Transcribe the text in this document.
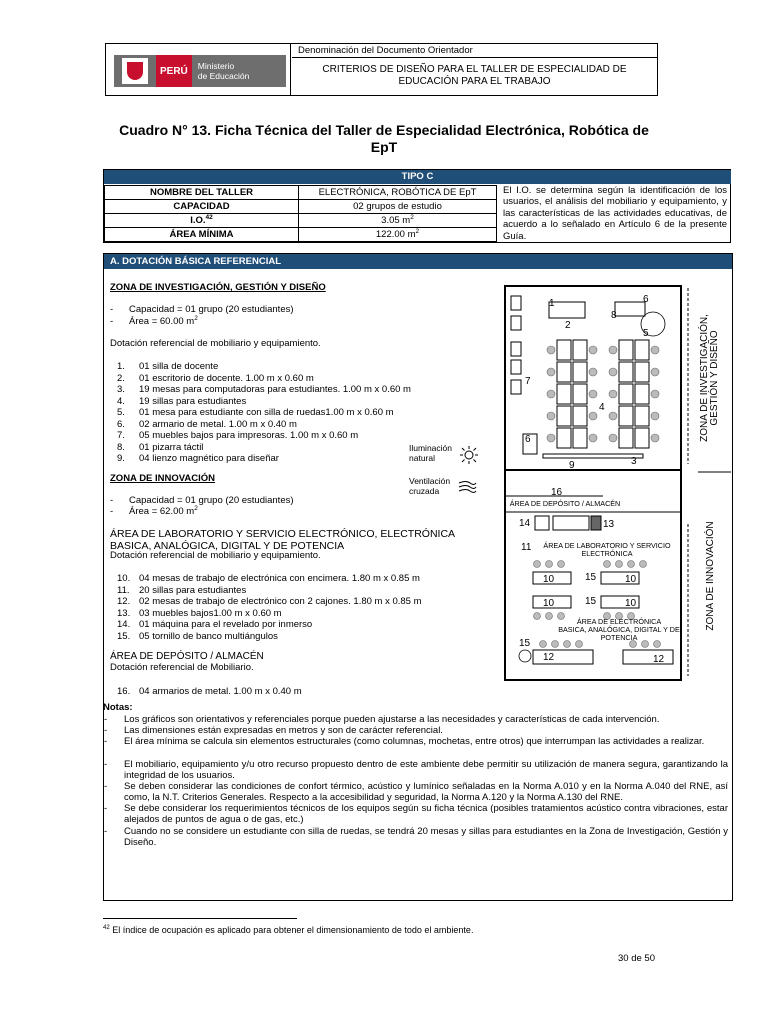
PERÚ	Ministerio
de Educación
Denominación del Documento Orientador
CRITERIOS DE DISEÑO PARA EL TALLER DE ESPECIALIDAD DE
EDUCACIÓN PARA EL TRABAJO
Cuadro N° 13. Ficha Técnica del Taller de Especialidad Electrónica, Robótica de
EpT
TIPO C
NOMBRE DEL TALLER	ELECTRÓNICA, ROBÓTICA DE EpT
CAPACIDAD	02 grupos de estudio
I.O.$^{42}$	3.05 $m^2$
ÁREA MÍNIMA	122.00 $m^2$
El I.O. se determina según la identificación de los usuarios, el análisis del mobiliario y equipamiento, y las características de las actividades educativas, de acuerdo a lo señalado en Artículo 6 de la presente Guía.
A. DOTACIÓN BÁSICA REFERENCIAL
ZONA DE INVESTIGACIÓN, GESTIÓN Y DISEÑO
-      Capacidad = 01 grupo (20 estudiantes)
-      Área = 60.00 $m^2$
Dotación referencial de mobiliario y equipamiento.
1. 01 silla de docente
2. 01 escritorio de docente. 1.00 m x 0.60 m
3. 19 mesas para computadoras para estudiantes. 1.00 m x 0.60 m
4. 19 sillas para estudiantes
5. 01 mesa para estudiante con silla de ruedas1.00 m x 0.60 m
6. 02 armario de metal. 1.00 m x 0.40 m
7. 05 muebles bajos para impresoras. 1.00 m x 0.60 m
8. 01 pizarra táctil
9. 04 lienzo magnético para diseñar
Iluminación
natural
Ventilación
cruzada
ZONA DE INNOVACIÓN
-      Capacidad = 01 grupo (20 estudiantes)
-      Área = 62.00 $m^2$
ÁREA DE LABORATORIO Y SERVICIO ELECTRÓNICO, ELECTRÓNICA
BASICA, ANALÓGICA, DIGITAL Y DE POTENCIA
Dotación referencial de mobiliario y equipamiento.
10. 04 mesas de trabajo de electrónica con encimera. 1.80 m x 0.85 m
11. 20 sillas para estudiantes
12. 02 mesas de trabajo de electrónico con 2 cajones. 1.80 m x 0.85 m
13. 03 muebles bajos1.00 m x 0.60 m
14. 01 máquina para el revelado por inmerso
15. 05 tornillo de banco multiángulos
ÁREA DE DEPÓSITO / ALMACÉN
Dotación referencial de Mobiliario.
16. 04 armarios de metal. 1.00 m x 0.40 m
1
2
3
4
5
6
7
8
9
6
16
14	13
11
10	10
15
10	10
15
15
12	12
ÁREA DE DEPÓSITO / ALMACÉN
ÁREA DE LABORATORIO Y SERVICIO
ELECTRÓNICA
ÁREA DE ELECTRÓNICA
BASICA, ANALÓGICA, DIGITAL Y DE
POTENCIA
ZONA DE INVESTIGACIÓN, GESTIÓN Y DISEÑO
ZONA DE INNOVACIÓN
Notas:
- Los gráficos son orientativos y referenciales porque pueden ajustarse a las necesidades y características de cada intervención.
- Las dimensiones están expresadas en metros y son de carácter referencial.
- El área mínima se calcula sin elementos estructurales (como columnas, mochetas, entre otros) que interrumpan las actividades a realizar.
- El mobiliario, equipamiento y/u otro recurso propuesto dentro de este ambiente debe permitir su utilización de manera segura, garantizando la integridad de los usuarios.
- Se deben considerar las condiciones de confort térmico, acústico y lumínico señaladas en la Norma A.010 y en la Norma A.040 del RNE, así como, la N.T. Criterios Generales. Respecto a la accesibilidad y seguridad, la Norma A.120 y la Norma A.130 del RNE.
- Se debe considerar los requerimientos técnicos de los equipos según su ficha técnica (posibles tratamientos acústico contra vibraciones, estar alejados de puntos de agua o de gas, etc.)
- Cuando no se considere un estudiante con silla de ruedas, se tendrá 20 mesas y sillas para estudiantes en la Zona de Investigación, Gestión y Diseño.
$^{42}$ El índice de ocupación es aplicado para obtener el dimensionamiento de todo el ambiente.
30 de 50
